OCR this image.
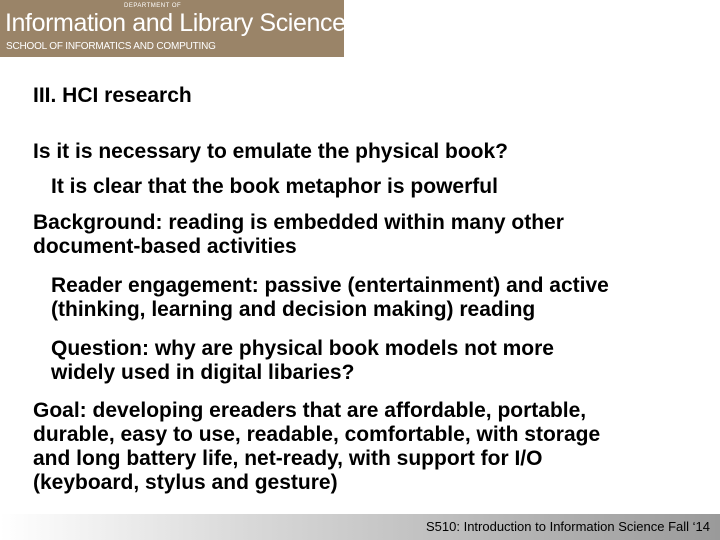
DEPARTMENT OF
Information and Library Science
SCHOOL OF INFORMATICS AND COMPUTING
III. HCI research
Is it is necessary to emulate the physical book?
It is clear that the book metaphor is powerful
Background: reading is embedded within many other
document-based activities
Reader engagement: passive (entertainment) and active
(thinking, learning and decision making) reading
Question: why are physical book models not more
widely used in digital libaries?
Goal: developing ereaders that are affordable, portable,
durable, easy to use, readable, comfortable, with storage
and long battery life, net-ready, with support for I/O
(keyboard, stylus and gesture)
S510: Introduction to Information Science Fall ‘14
